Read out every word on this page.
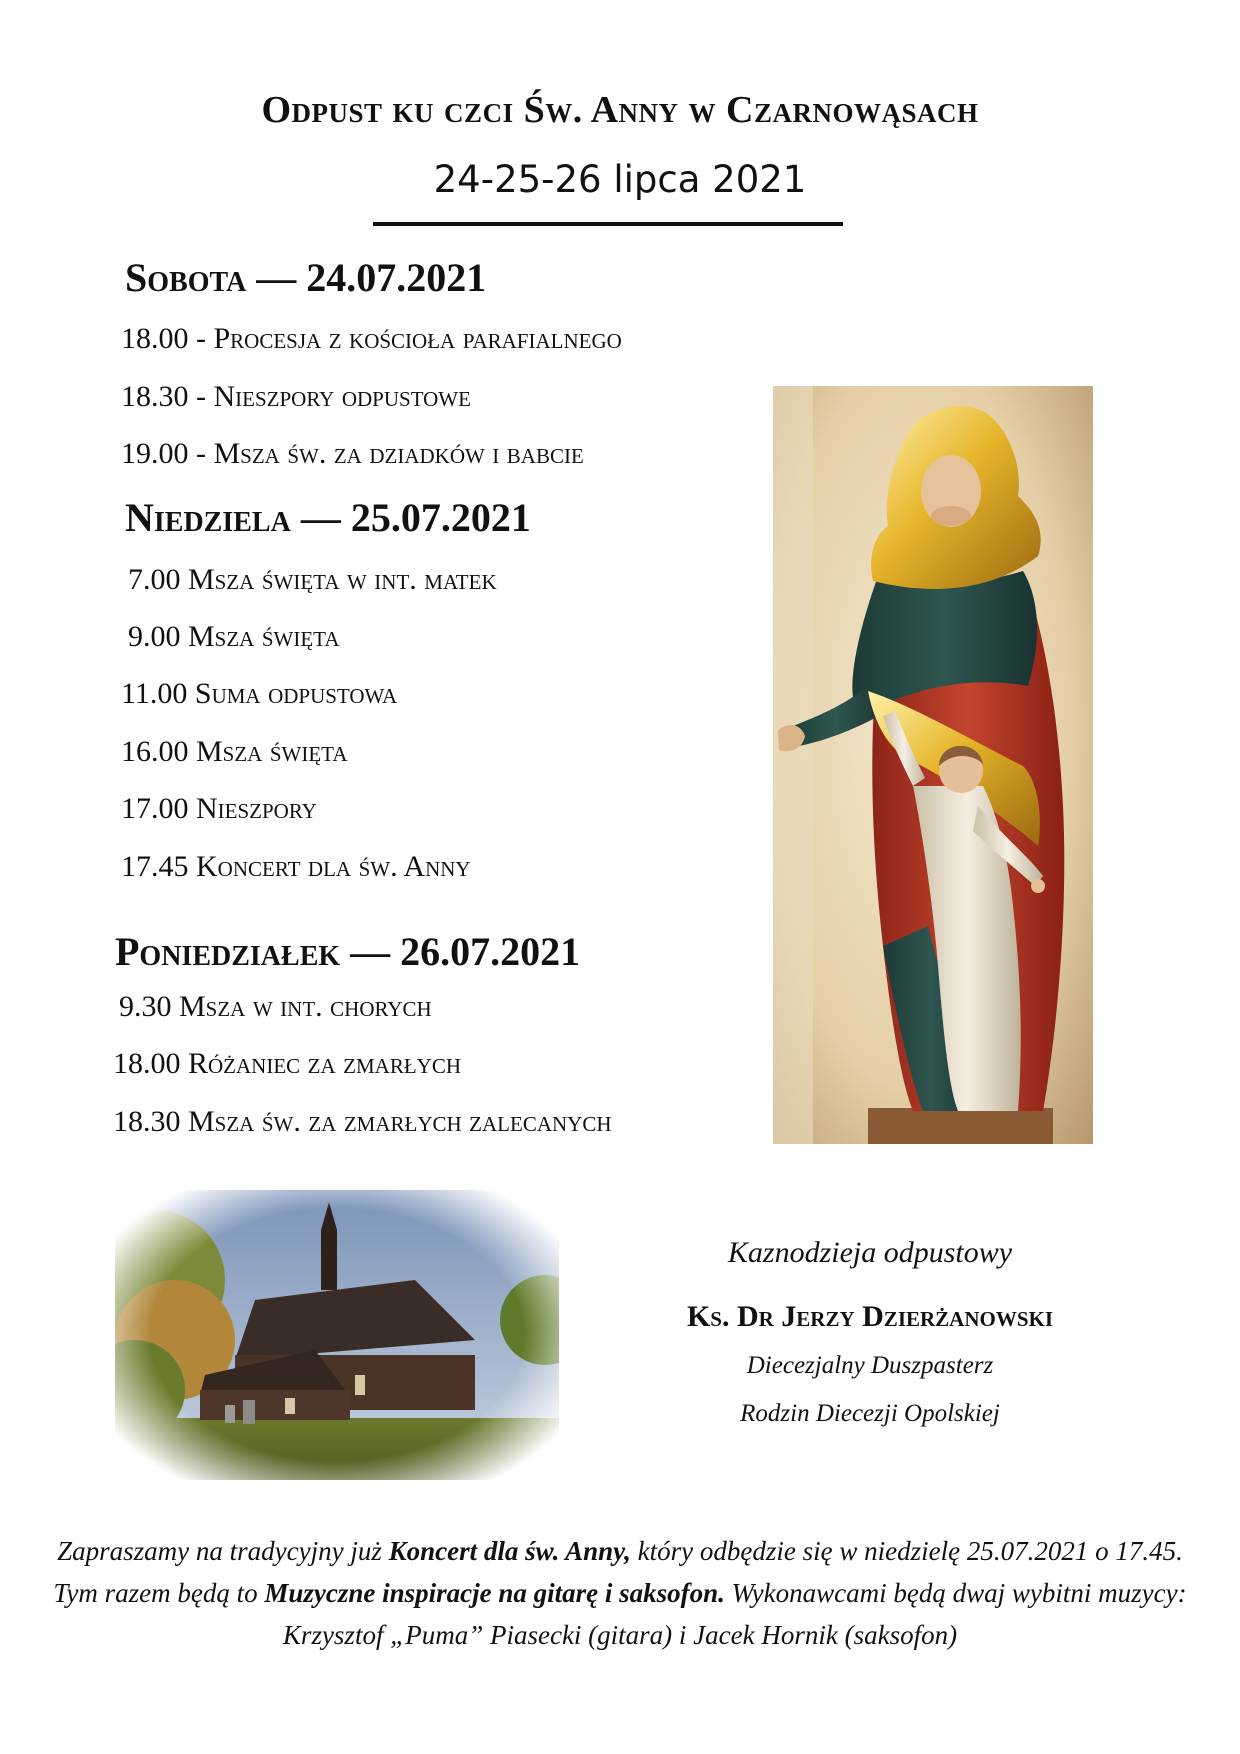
Odpust ku czci Św. Anny w Czarnowąsach
24-25-26 lipca 2021
Sobota — 24.07.2021
18.00 - Procesja z kościoła parafialnego
18.30 - Nieszpory odpustowe
19.00 - Msza św. za dziadków i babcie
Niedziela — 25.07.2021
7.00 Msza święta w int. matek
9.00 Msza święta
11.00 Suma odpustowa
16.00 Msza święta
17.00 Nieszpory
17.45 Koncert dla św. Anny
Poniedziałek — 26.07.2021
9.30 Msza w int. chorych
18.00 Różaniec za zmarłych
18.30 Msza św. za zmarłych zalecanych
Kaznodzieja odpustowy
Ks. Dr Jerzy Dzierżanowski
Diecezjalny Duszpasterz
Rodzin Diecezji Opolskiej
Zapraszamy na tradycyjny już Koncert dla św. Anny, który odbędzie się w niedzielę 25.07.2021 o 17.45. Tym razem będą to Muzyczne inspiracje na gitarę i saksofon. Wykonawcami będą dwaj wybitni muzycy: Krzysztof „Puma” Piasecki (gitara) i Jacek Hornik (saksofon)
